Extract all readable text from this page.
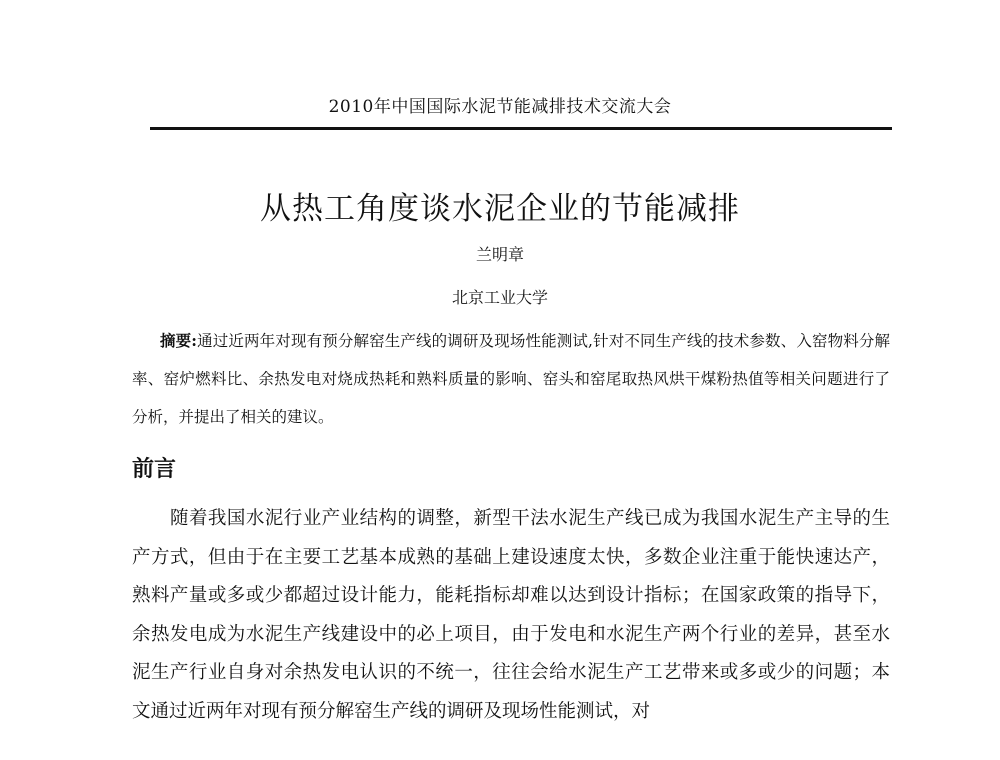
2010年中国国际水泥节能减排技术交流大会
从热工角度谈水泥企业的节能减排
兰明章
北京工业大学
摘要:通过近两年对现有预分解窑生产线的调研及现场性能测试,针对不同生产线的技术参数、入窑物料分解率、窑炉燃料比、余热发电对烧成热耗和熟料质量的影响、窑头和窑尾取热风烘干煤粉热值等相关问题进行了分析，并提出了相关的建议。
前言

随着我国水泥行业产业结构的调整，新型干法水泥生产线已成为我国水泥生产主导的生产方式，但由于在主要工艺基本成熟的基础上建设速度太快，多数企业注重于能快速达产，熟料产量或多或少都超过设计能力，能耗指标却难以达到设计指标；在国家政策的指导下，余热发电成为水泥生产线建设中的必上项目，由于发电和水泥生产两个行业的差异，甚至水泥生产行业自身对余热发电认识的不统一，往往会给水泥生产工艺带来或多或少的问题；本文通过近两年对现有预分解窑生产线的调研及现场性能测试，对
